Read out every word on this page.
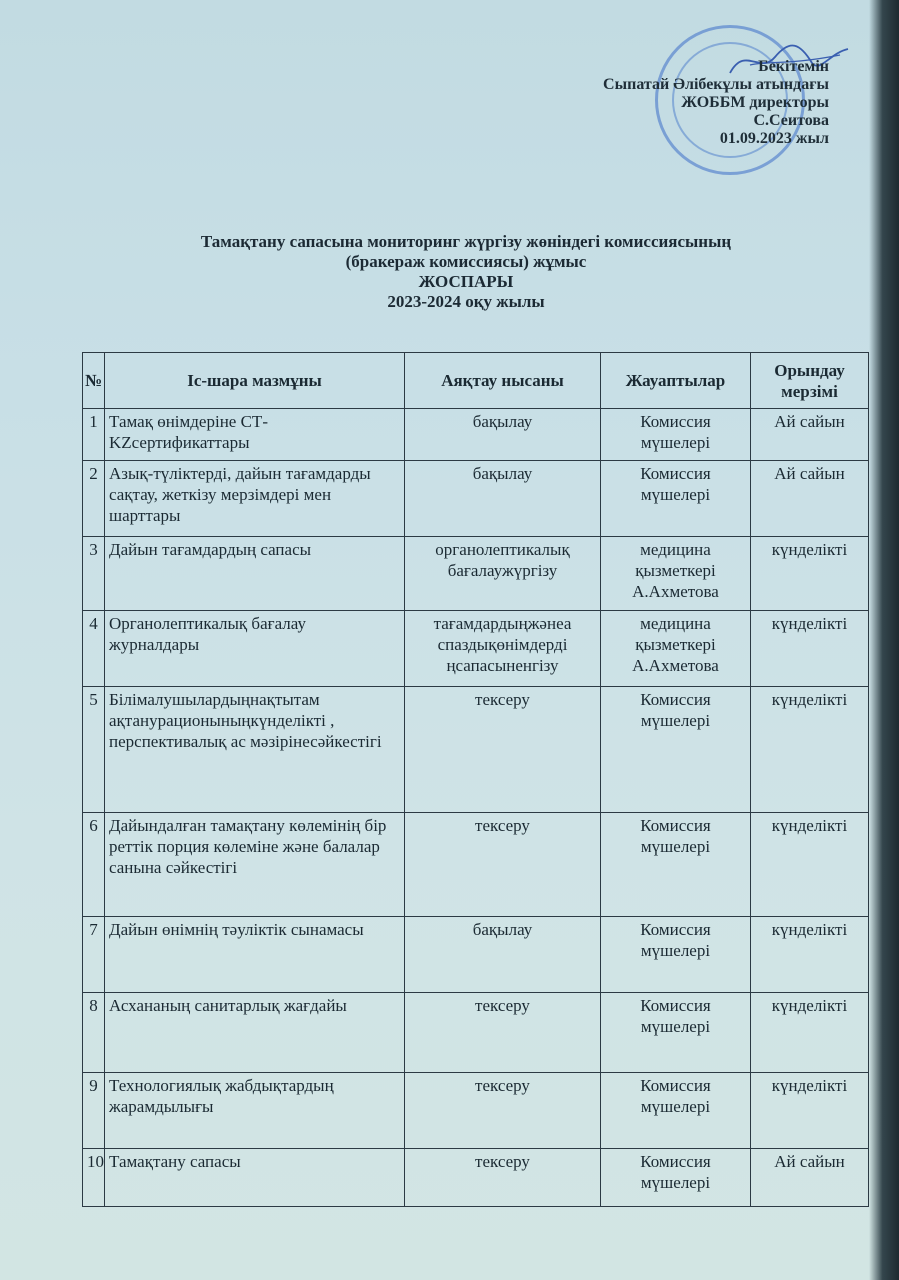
Бекітемін
Сыпатай Әлібекұлы атындағы
ЖОББМ директоры
С.Сеитова
01.09.2023 жыл
Тамақтану сапасына мониторинг жүргізу жөніндегі комиссиясының
(бракераж комиссиясы) жұмыс
ЖОСПАРЫ
2023-2024 оқу жылы
№	Іс-шара мазмұны	Аяқтау нысаны	Жауаптылар	Орындау мерзімі
1	Тамақ өнімдеріне СТ-KZсертификаттары	бақылау	Комиссия мүшелері	Ай сайын
2	Азық-түліктерді, дайын тағамдарды сақтау, жеткізу мерзімдері мен шарттары	бақылау	Комиссия мүшелері	Ай сайын
3	Дайын тағамдардың сапасы	органолептикалық бағалаужүргізу	медицина қызметкері А.Ахметова	күнделікті
4	Органолептикалық бағалау журналдары	тағамдардыңжәнеа спаздықөнімдерді ңсапасыненгізу	медицина қызметкері А.Ахметова	күнделікті
5	Білімалушылардыңнақтытам ақтанурационыныңкүнделікті , перспективалық ас мәзірінесәйкестігі	тексеру	Комиссия мүшелері	күнделікті
6	Дайындалған тамақтану көлемінің бір реттік порция көлеміне және балалар санына сәйкестігі	тексеру	Комиссия мүшелері	күнделікті
7	Дайын өнімнің тәуліктік сынамасы	бақылау	Комиссия мүшелері	күнделікті
8	Асхананың санитарлық жағдайы	тексеру	Комиссия мүшелері	күнделікті
9	Технологиялық жабдықтардың жарамдылығы	тексеру	Комиссия мүшелері	күнделікті
10	Тамақтану сапасы	тексеру	Комиссия мүшелері	Ай сайын
